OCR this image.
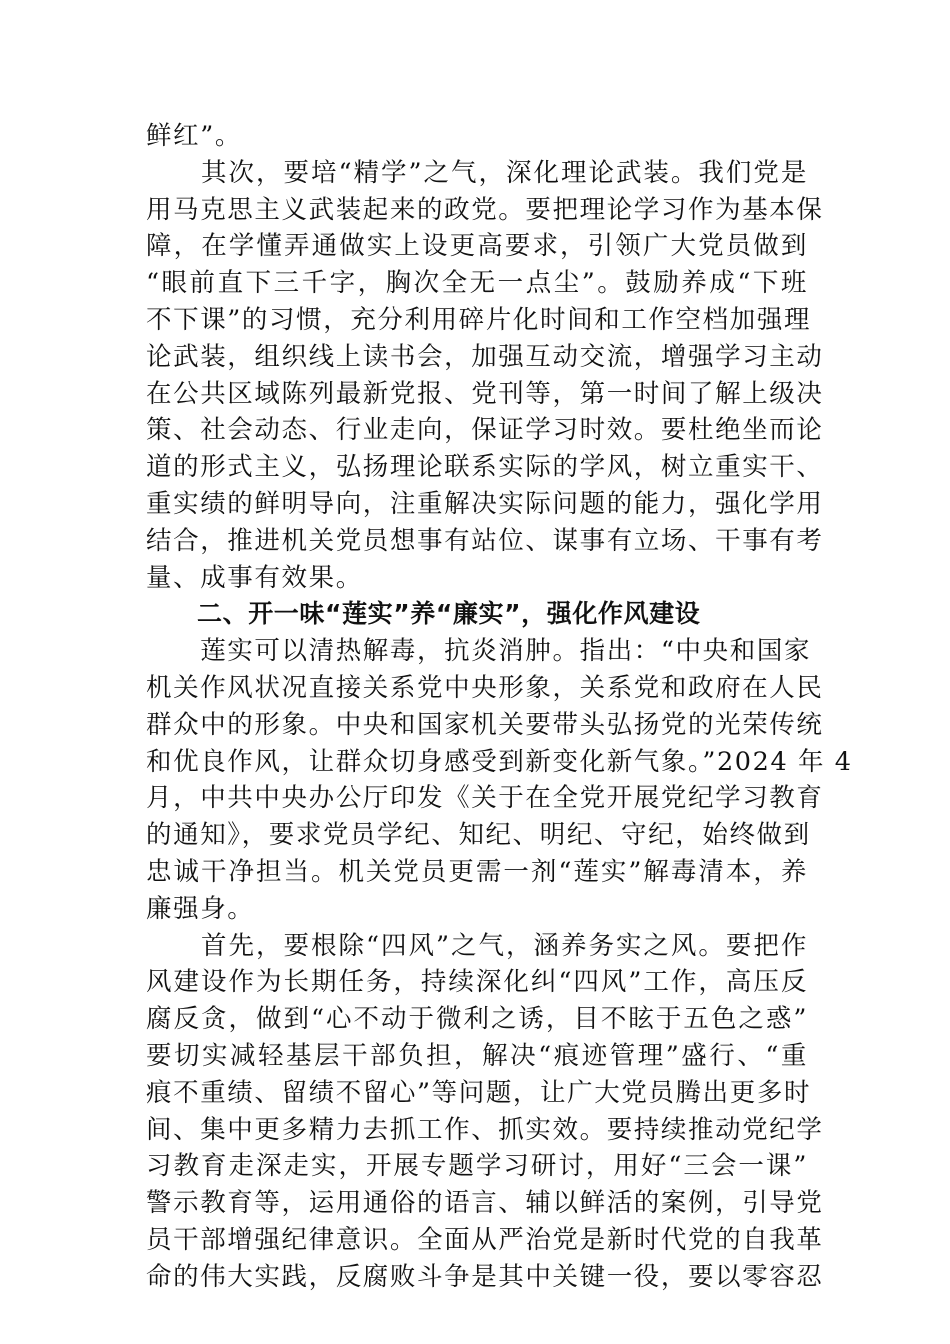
鲜红”。
　　其次，要培“精学”之气，深化理论武装。我们党是
用马克思主义武装起来的政党。要把理论学习作为基本保
障，在学懂弄通做实上设更高要求，引领广大党员做到
“眼前直下三千字，胸次全无一点尘”。鼓励养成“下班
不下课”的习惯，充分利用碎片化时间和工作空档加强理
论武装，组织线上读书会，加强互动交流，增强学习主动
在公共区域陈列最新党报、党刊等，第一时间了解上级决
策、社会动态、行业走向，保证学习时效。要杜绝坐而论
道的形式主义，弘扬理论联系实际的学风，树立重实干、
重实绩的鲜明导向，注重解决实际问题的能力，强化学用
结合，推进机关党员想事有站位、谋事有立场、干事有考
量、成事有效果。
二、开一味“莲实”养“廉实”，强化作风建设
　　莲实可以清热解毒，抗炎消肿。指出：“中央和国家
机关作风状况直接关系党中央形象，关系党和政府在人民
群众中的形象。中央和国家机关要带头弘扬党的光荣传统
和优良作风，让群众切身感受到新变化新气象。”2024 年 4
月，中共中央办公厅印发《关于在全党开展党纪学习教育
的通知》，要求党员学纪、知纪、明纪、守纪，始终做到
忠诚干净担当。机关党员更需一剂“莲实”解毒清本，养
廉强身。
　　首先，要根除“四风”之气，涵养务实之风。要把作
风建设作为长期任务，持续深化纠“四风”工作，高压反
腐反贪，做到“心不动于微利之诱，目不眩于五色之惑”
要切实减轻基层干部负担，解决“痕迹管理”盛行、“重
痕不重绩、留绩不留心”等问题，让广大党员腾出更多时
间、集中更多精力去抓工作、抓实效。要持续推动党纪学
习教育走深走实，开展专题学习研讨，用好“三会一课”
警示教育等，运用通俗的语言、辅以鲜活的案例，引导党
员干部增强纪律意识。全面从严治党是新时代党的自我革
命的伟大实践，反腐败斗争是其中关键一役，要以零容忍
